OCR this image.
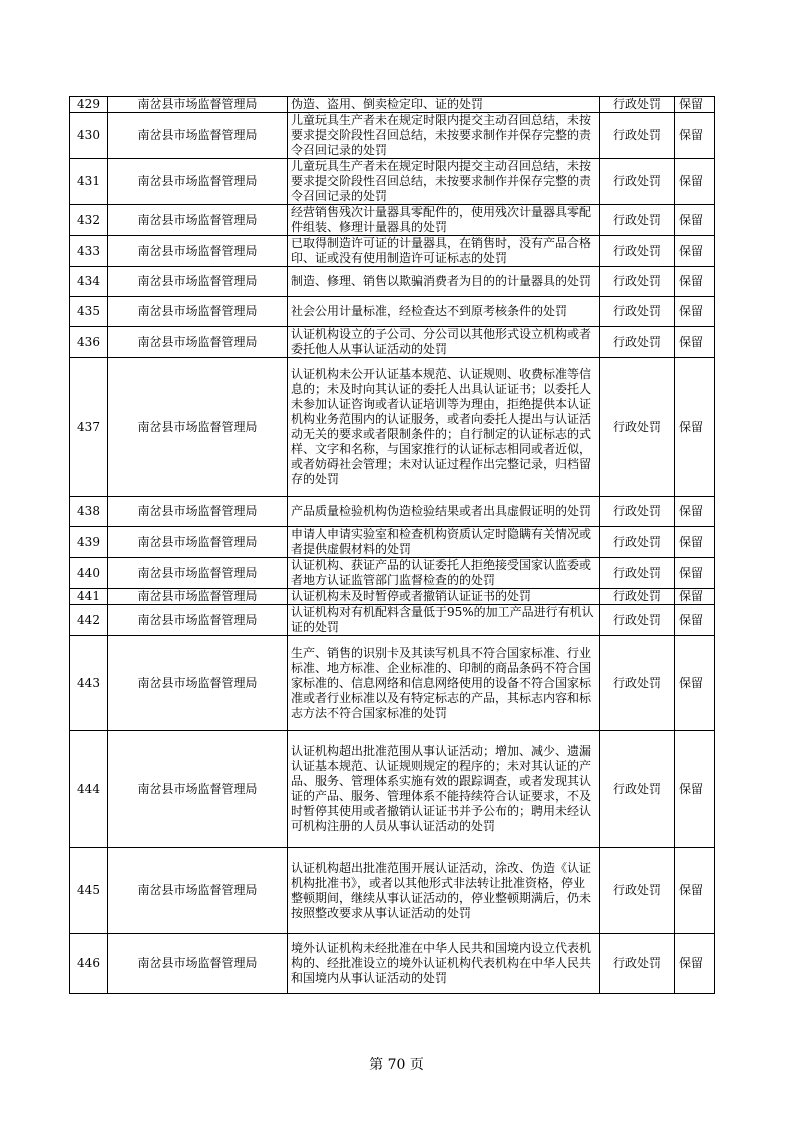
429	南岔县市场监督管理局	伪造、盗用、倒卖检定印、证的处罚	行政处罚	保留
430	南岔县市场监督管理局	儿童玩具生产者未在规定时限内提交主动召回总结，未按要求提交阶段性召回总结，未按要求制作并保存完整的责令召回记录的处罚	行政处罚	保留
431	南岔县市场监督管理局	儿童玩具生产者未在规定时限内提交主动召回总结，未按要求提交阶段性召回总结，未按要求制作并保存完整的责令召回记录的处罚	行政处罚	保留
432	南岔县市场监督管理局	经营销售残次计量器具零配件的，使用残次计量器具零配件组装、修理计量器具的处罚	行政处罚	保留
433	南岔县市场监督管理局	已取得制造许可证的计量器具，在销售时，没有产品合格印、证或没有使用制造许可证标志的处罚	行政处罚	保留
434	南岔县市场监督管理局	制造、修理、销售以欺骗消费者为目的的计量器具的处罚	行政处罚	保留
435	南岔县市场监督管理局	社会公用计量标准，经检查达不到原考核条件的处罚	行政处罚	保留
436	南岔县市场监督管理局	认证机构设立的子公司、分公司以其他形式设立机构或者委托他人从事认证活动的处罚	行政处罚	保留
437	南岔县市场监督管理局	认证机构未公开认证基本规范、认证规则、收费标准等信息的；未及时向其认证的委托人出具认证证书；以委托人未参加认证咨询或者认证培训等为理由，拒绝提供本认证机构业务范围内的认证服务，或者向委托人提出与认证活动无关的要求或者限制条件的；自行制定的认证标志的式样、文字和名称，与国家推行的认证标志相同或者近似，或者妨碍社会管理；未对认证过程作出完整记录，归档留存的处罚	行政处罚	保留
438	南岔县市场监督管理局	产品质量检验机构伪造检验结果或者出具虚假证明的处罚	行政处罚	保留
439	南岔县市场监督管理局	申请人申请实验室和检查机构资质认定时隐瞒有关情况或者提供虚假材料的处罚	行政处罚	保留
440	南岔县市场监督管理局	认证机构、获证产品的认证委托人拒绝接受国家认监委或者地方认证监管部门监督检查的的处罚	行政处罚	保留
441	南岔县市场监督管理局	认证机构未及时暂停或者撤销认证证书的处罚	行政处罚	保留
442	南岔县市场监督管理局	认证机构对有机配料含量低于95%的加工产品进行有机认证的处罚	行政处罚	保留
443	南岔县市场监督管理局	生产、销售的识别卡及其读写机具不符合国家标准、行业标准、地方标准、企业标准的、印制的商品条码不符合国家标准的、信息网络和信息网络使用的设备不符合国家标准或者行业标准以及有特定标志的产品，其标志内容和标志方法不符合国家标准的处罚	行政处罚	保留
444	南岔县市场监督管理局	认证机构超出批准范围从事认证活动；增加、减少、遗漏认证基本规范、认证规则规定的程序的；未对其认证的产品、服务、管理体系实施有效的跟踪调查，或者发现其认证的产品、服务、管理体系不能持续符合认证要求，不及时暂停其使用或者撤销认证证书并予公布的；聘用未经认可机构注册的人员从事认证活动的处罚	行政处罚	保留
445	南岔县市场监督管理局	认证机构超出批准范围开展认证活动，涂改、伪造《认证机构批准书》，或者以其他形式非法转让批准资格，停业整顿期间，继续从事认证活动的，停业整顿期满后，仍未按照整改要求从事认证活动的处罚	行政处罚	保留
446	南岔县市场监督管理局	境外认证机构未经批准在中华人民共和国境内设立代表机构的、经批准设立的境外认证机构代表机构在中华人民共和国境内从事认证活动的处罚	行政处罚	保留
第 70 页
